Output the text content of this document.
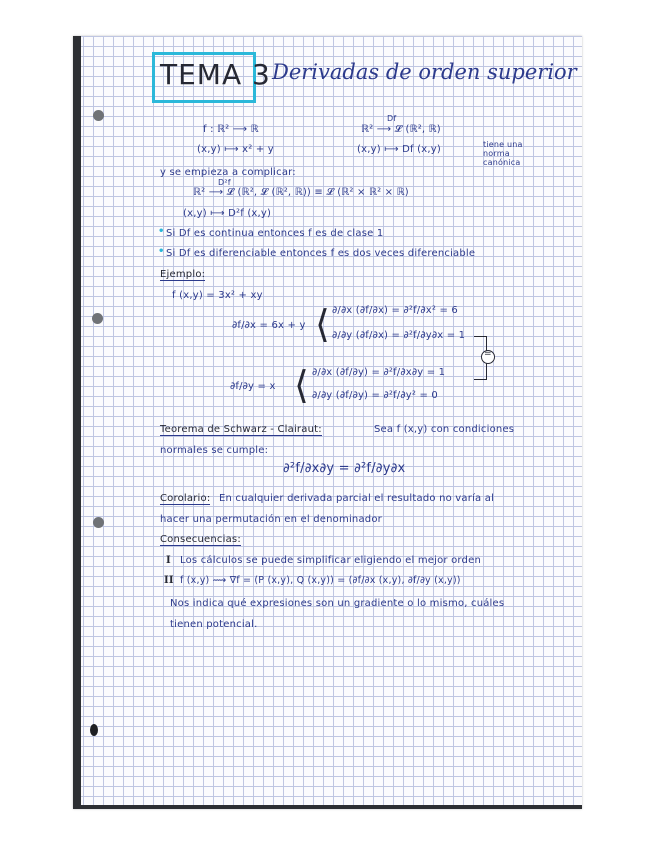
TEMA 3 Derivadas de orden superior
f : ℝ² ⟶ ℝ
(x,y) ⟼ x² + y
Df
ℝ² ⟶ 𝓛 (ℝ², ℝ)
(x,y) ⟼ Df (x,y)	tiene una norma canónica
y se empieza a complicar:
D²f
ℝ² ⟶ 𝓛 (ℝ², 𝓛 (ℝ², ℝ)) ≡ 𝓛 (ℝ² × ℝ² × ℝ)
(x,y) ⟼ D²f (x,y)
• Si Df es continua entonces f es de clase 1
• Si Df es diferenciable entonces f es dos veces diferenciable
Ejemplo:
f (x,y) = 3x² + xy
∂f/∂x = 6x + y ⟨ ∂/∂x (∂f/∂x) = ∂²f/∂x² = 6
∂/∂y (∂f/∂x) = ∂²f/∂y∂x = 1
=
∂f/∂y = x ⟨ ∂/∂x (∂f/∂y) = ∂²f/∂x∂y = 1
∂/∂y (∂f/∂y) = ∂²f/∂y² = 0
Teorema de Schwarz - Clairaut:	Sea f (x,y) con condiciones
normales se cumple:
∂²f/∂x∂y = ∂²f/∂y∂x
Corolario: En cualquier derivada parcial el resultado no varía al
hacer una permutación en el denominador
Consecuencias:
I Los cálculos se puede simplificar eligiendo el mejor orden
II f (x,y) ⟿ ∇f = (P (x,y), Q (x,y)) = (∂f/∂x (x,y), ∂f/∂y (x,y))
Nos indica qué expresiones son un gradiente o lo mismo, cuáles
tienen potencial.
